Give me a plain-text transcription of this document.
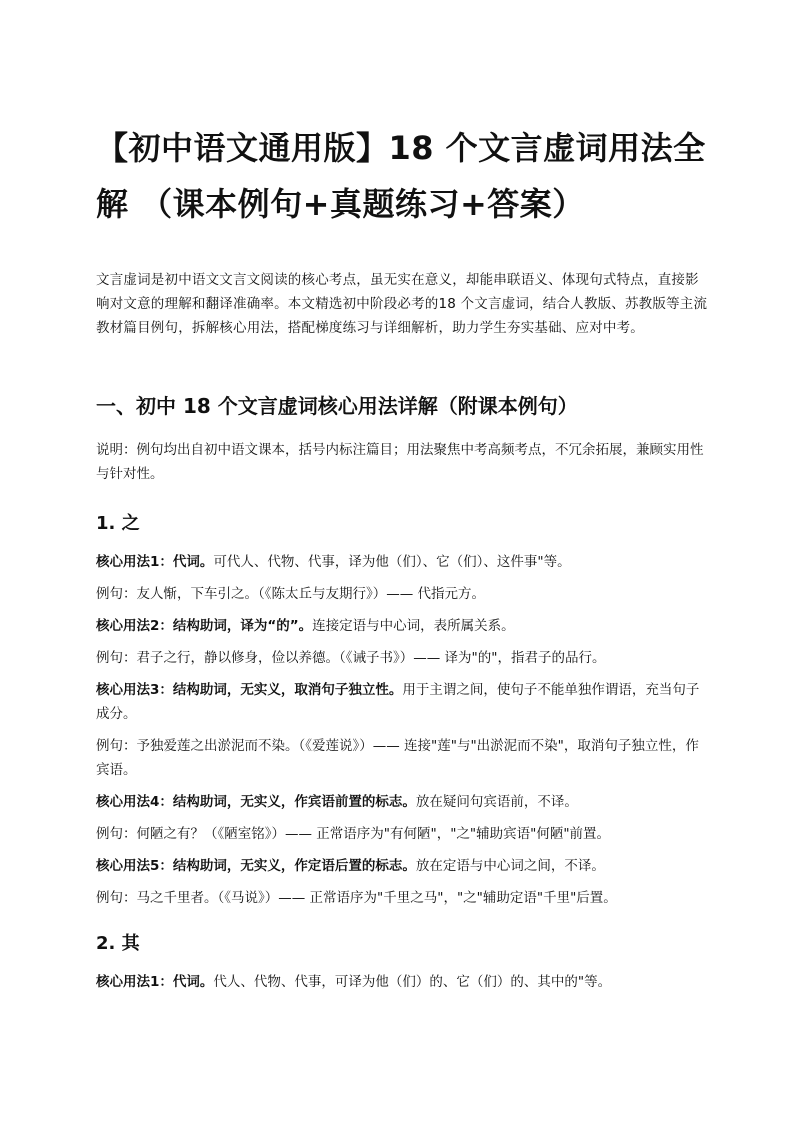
【初中语文通用版】18 个文言虚词用法全解 （课本例句+真题练习+答案）

文言虚词是初中语文文言文阅读的核心考点，虽无实在意义，却能串联语义、体现句式特点，直接影响对文意的理解和翻译准确率。本文精选初中阶段必考的18 个文言虚词，结合人教版、苏教版等主流教材篇目例句，拆解核心用法，搭配梯度练习与详细解析，助力学生夯实基础、应对中考。

一、初中 18 个文言虚词核心用法详解（附课本例句）

说明：例句均出自初中语文课本，括号内标注篇目；用法聚焦中考高频考点，不冗余拓展，兼顾实用性与针对性。

1. 之

核心用法1：代词。可代人、代物、代事，译为他（们）、它（们）、这件事"等。

例句：友人惭，下车引之。（《陈太丘与友期行》）—— 代指元方。

核心用法2：结构助词，译为“的”。连接定语与中心词，表所属关系。

例句：君子之行，静以修身，俭以养德。（《诫子书》）—— 译为"的"，指君子的品行。

核心用法3：结构助词，无实义，取消句子独立性。用于主谓之间，使句子不能单独作谓语，充当句子成分。

例句：予独爱莲之出淤泥而不染。（《爱莲说》）—— 连接"莲"与"出淤泥而不染"，取消句子独立性，作宾语。

核心用法4：结构助词，无实义，作宾语前置的标志。放在疑问句宾语前，不译。

例句：何陋之有？（《陋室铭》）—— 正常语序为"有何陋"，"之"辅助宾语"何陋"前置。

核心用法5：结构助词，无实义，作定语后置的标志。放在定语与中心词之间，不译。

例句：马之千里者。（《马说》）—— 正常语序为"千里之马"，"之"辅助定语"千里"后置。

2. 其

核心用法1：代词。代人、代物、代事，可译为他（们）的、它（们）的、其中的"等。
